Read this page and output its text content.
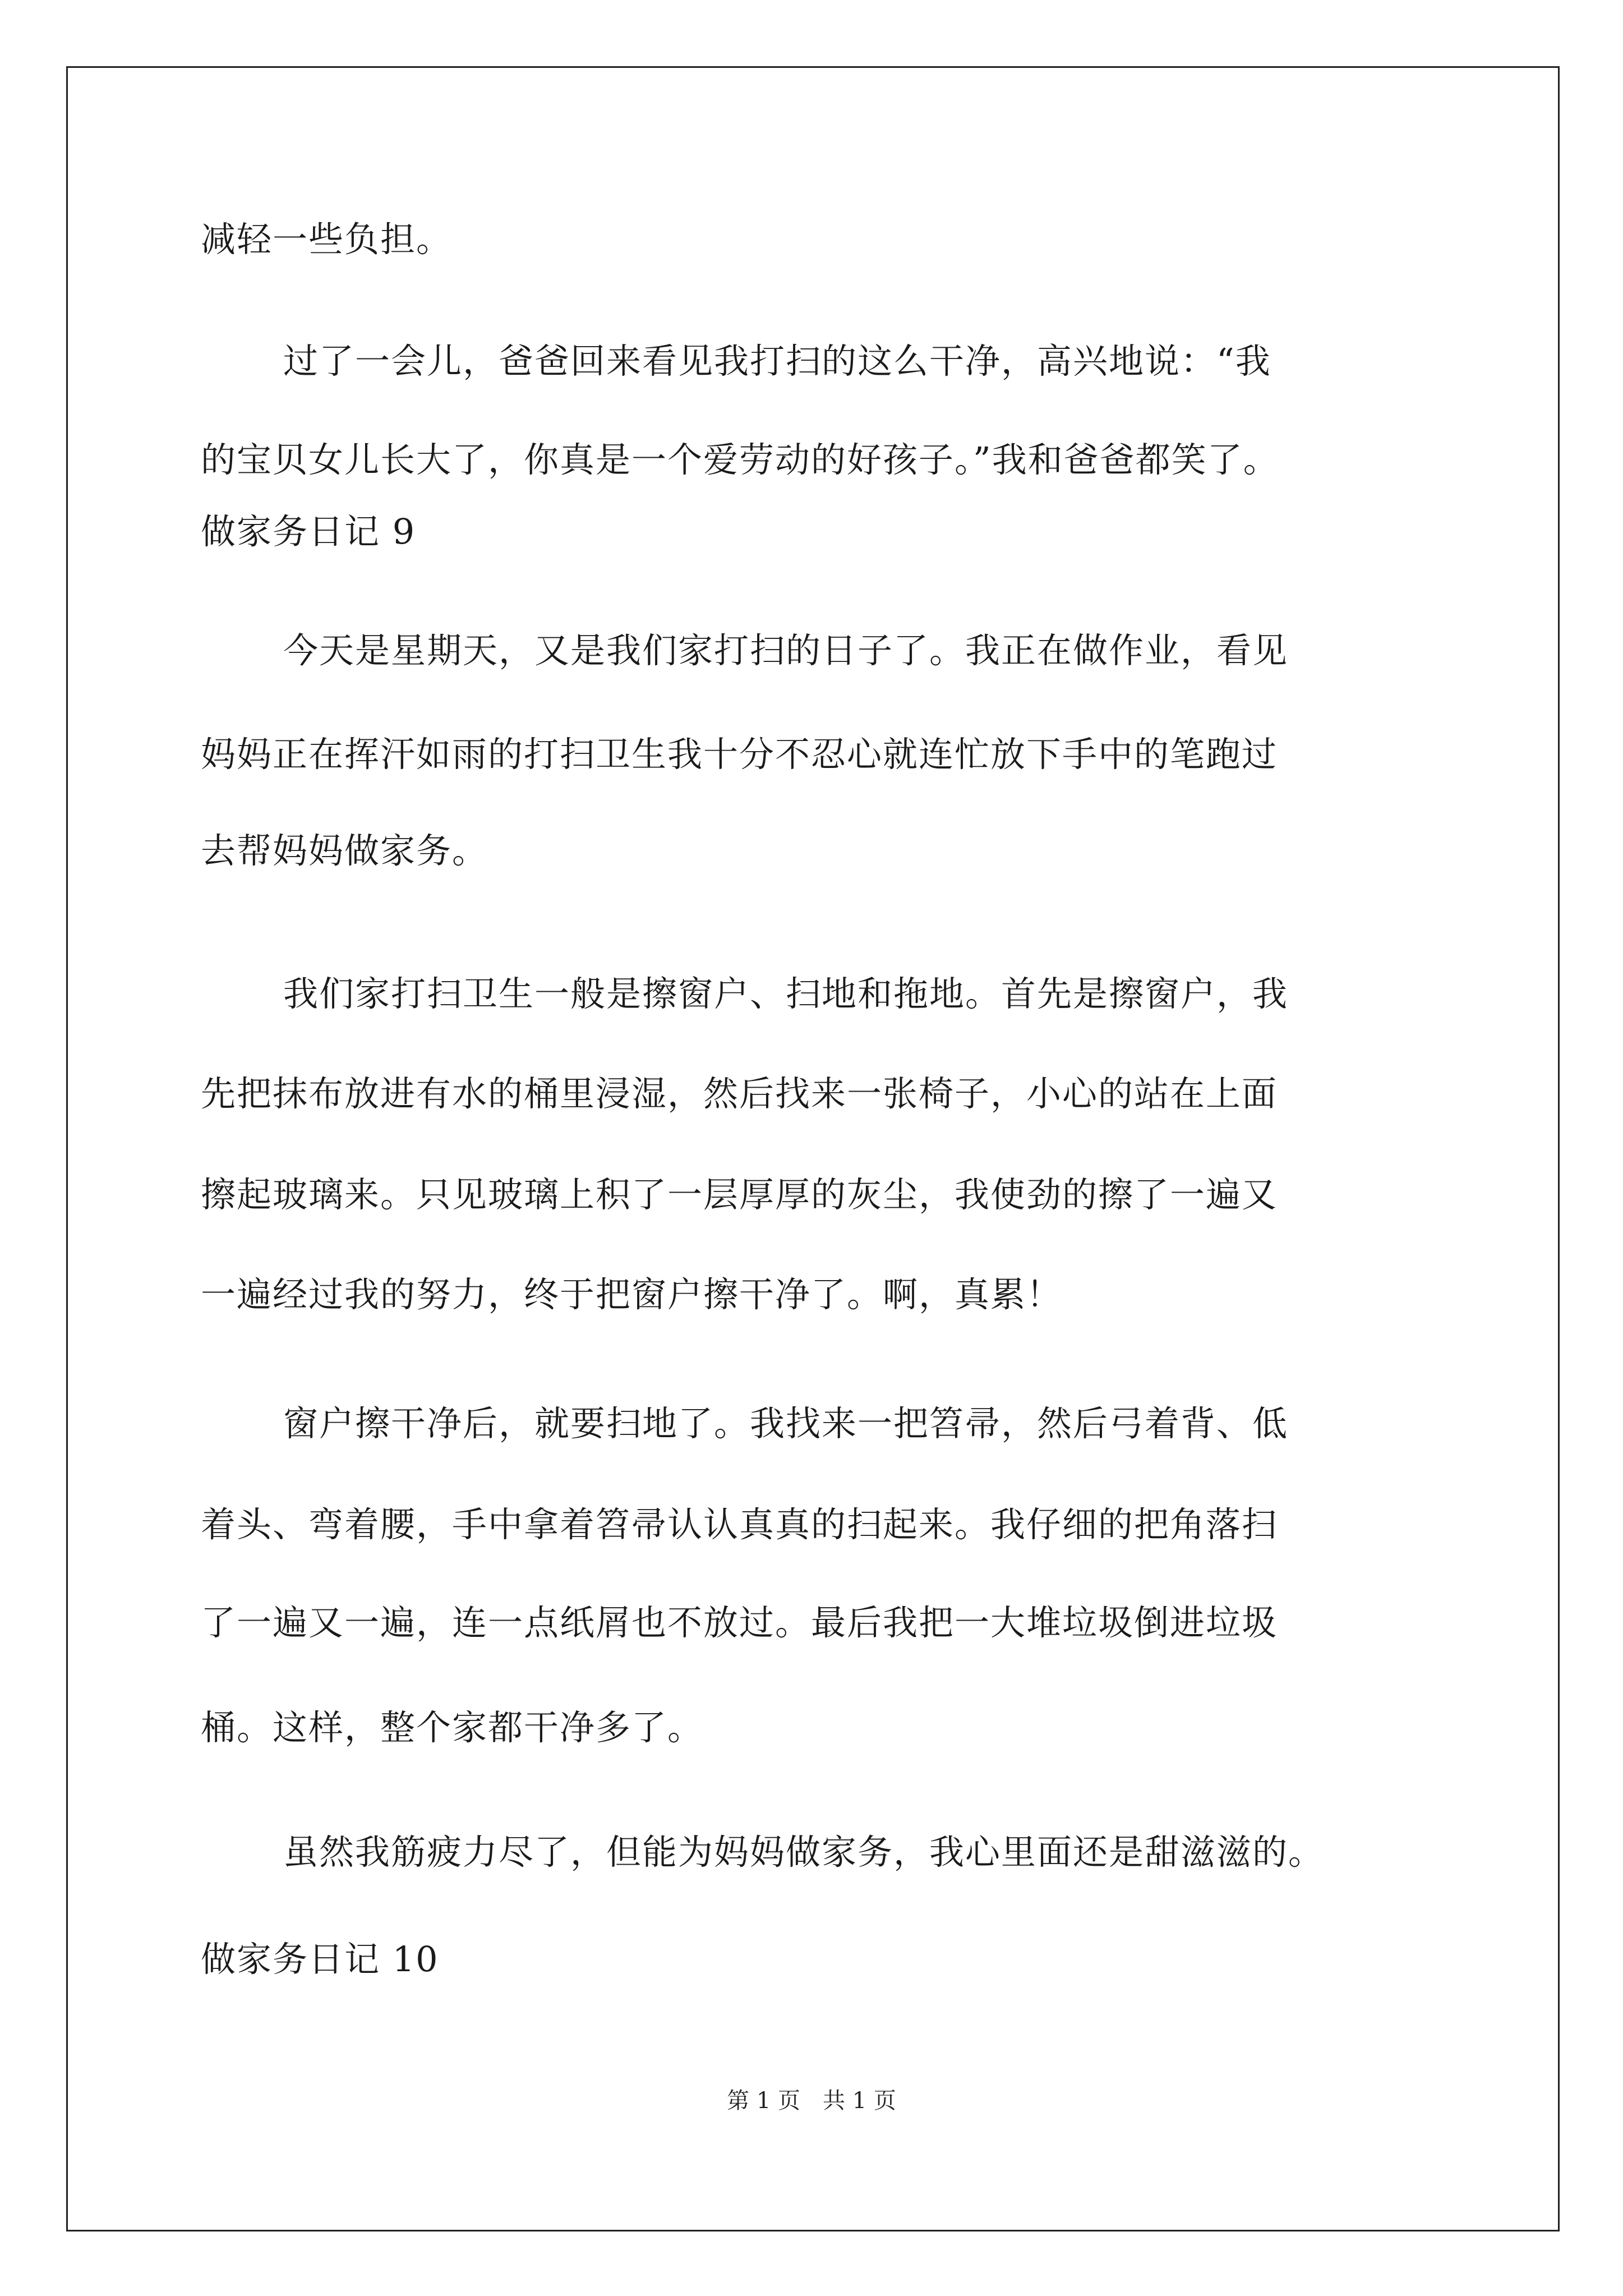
减轻一些负担。
过了一会儿，爸爸回来看见我打扫的这么干净，高兴地说：“我
的宝贝女儿长大了，你真是一个爱劳动的好孩子。”我和爸爸都笑了。
做家务日记 9
今天是星期天，又是我们家打扫的日子了。我正在做作业，看见
妈妈正在挥汗如雨的打扫卫生我十分不忍心就连忙放下手中的笔跑过
去帮妈妈做家务。
我们家打扫卫生一般是擦窗户、扫地和拖地。首先是擦窗户，我
先把抹布放进有水的桶里浸湿，然后找来一张椅子，小心的站在上面
擦起玻璃来。只见玻璃上积了一层厚厚的灰尘，我使劲的擦了一遍又
一遍经过我的努力，终于把窗户擦干净了。啊，真累！
窗户擦干净后，就要扫地了。我找来一把笤帚，然后弓着背、低
着头、弯着腰，手中拿着笤帚认认真真的扫起来。我仔细的把角落扫
了一遍又一遍，连一点纸屑也不放过。最后我把一大堆垃圾倒进垃圾
桶。这样，整个家都干净多了。
虽然我筋疲力尽了，但能为妈妈做家务，我心里面还是甜滋滋的。
做家务日记 10
第 1 页　共 1 页
